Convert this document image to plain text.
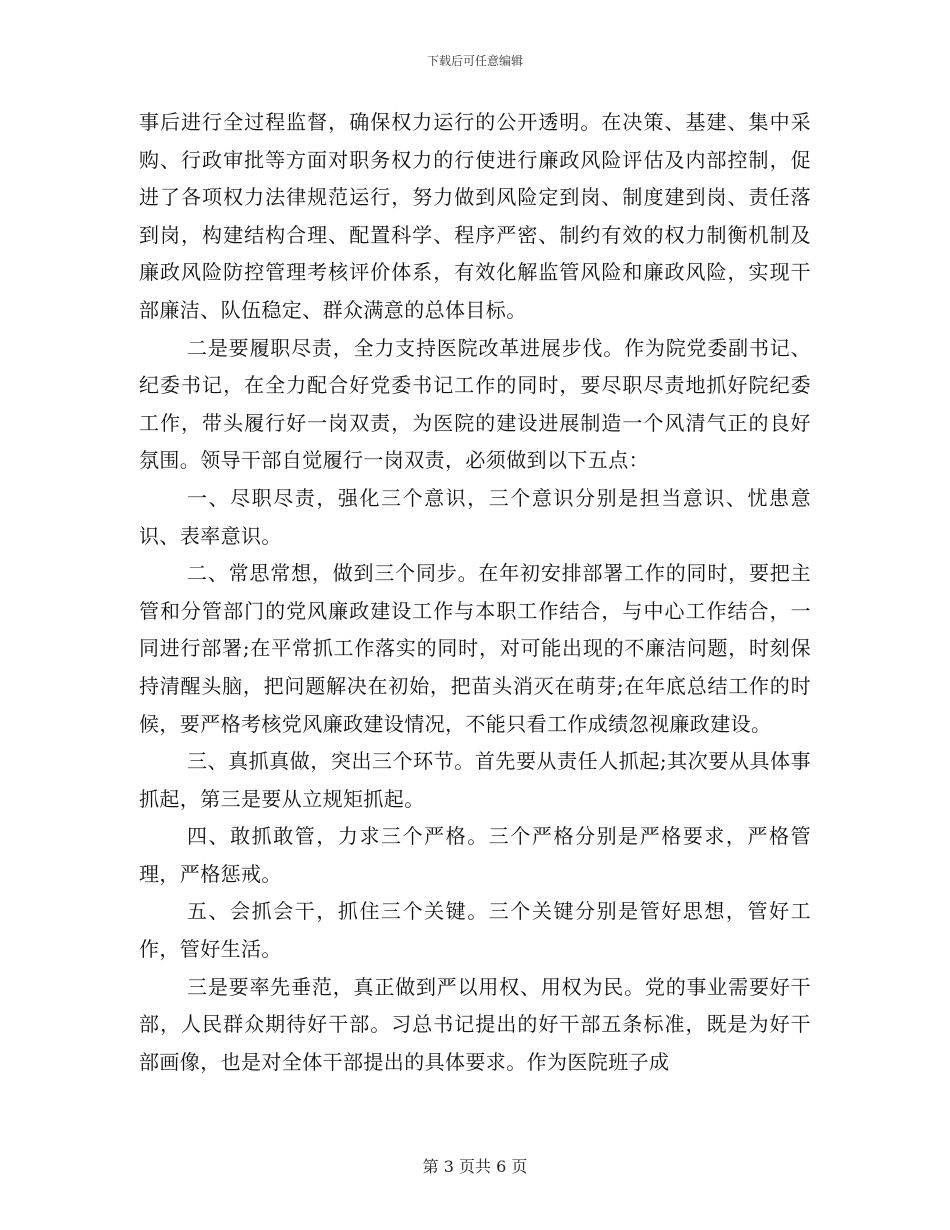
下载后可任意编辑

事后进行全过程监督，确保权力运行的公开透明。在决策、基建、集中采购、行政审批等方面对职务权力的行使进行廉政风险评估及内部控制，促进了各项权力法律规范运行，努力做到风险定到岗、制度建到岗、责任落到岗，构建结构合理、配置科学、程序严密、制约有效的权力制衡机制及廉政风险防控管理考核评价体系，有效化解监管风险和廉政风险，实现干部廉洁、队伍稳定、群众满意的总体目标。

二是要履职尽责，全力支持医院改革进展步伐。作为院党委副书记、纪委书记，在全力配合好党委书记工作的同时，要尽职尽责地抓好院纪委工作，带头履行好一岗双责，为医院的建设进展制造一个风清气正的良好氛围。领导干部自觉履行一岗双责，必须做到以下五点：

一、尽职尽责，强化三个意识，三个意识分别是担当意识、忧患意识、表率意识。

二、常思常想，做到三个同步。在年初安排部署工作的同时，要把主管和分管部门的党风廉政建设工作与本职工作结合，与中心工作结合，一同进行部署;在平常抓工作落实的同时，对可能出现的不廉洁问题，时刻保持清醒头脑，把问题解决在初始，把苗头消灭在萌芽;在年底总结工作的时候，要严格考核党风廉政建设情况，不能只看工作成绩忽视廉政建设。

三、真抓真做，突出三个环节。首先要从责任人抓起;其次要从具体事抓起，第三是要从立规矩抓起。

四、敢抓敢管，力求三个严格。三个严格分别是严格要求，严格管理，严格惩戒。

五、会抓会干，抓住三个关键。三个关键分别是管好思想，管好工作，管好生活。

三是要率先垂范，真正做到严以用权、用权为民。党的事业需要好干部，人民群众期待好干部。习总书记提出的好干部五条标准，既是为好干部画像，也是对全体干部提出的具体要求。作为医院班子成

第 3 页共 6 页
